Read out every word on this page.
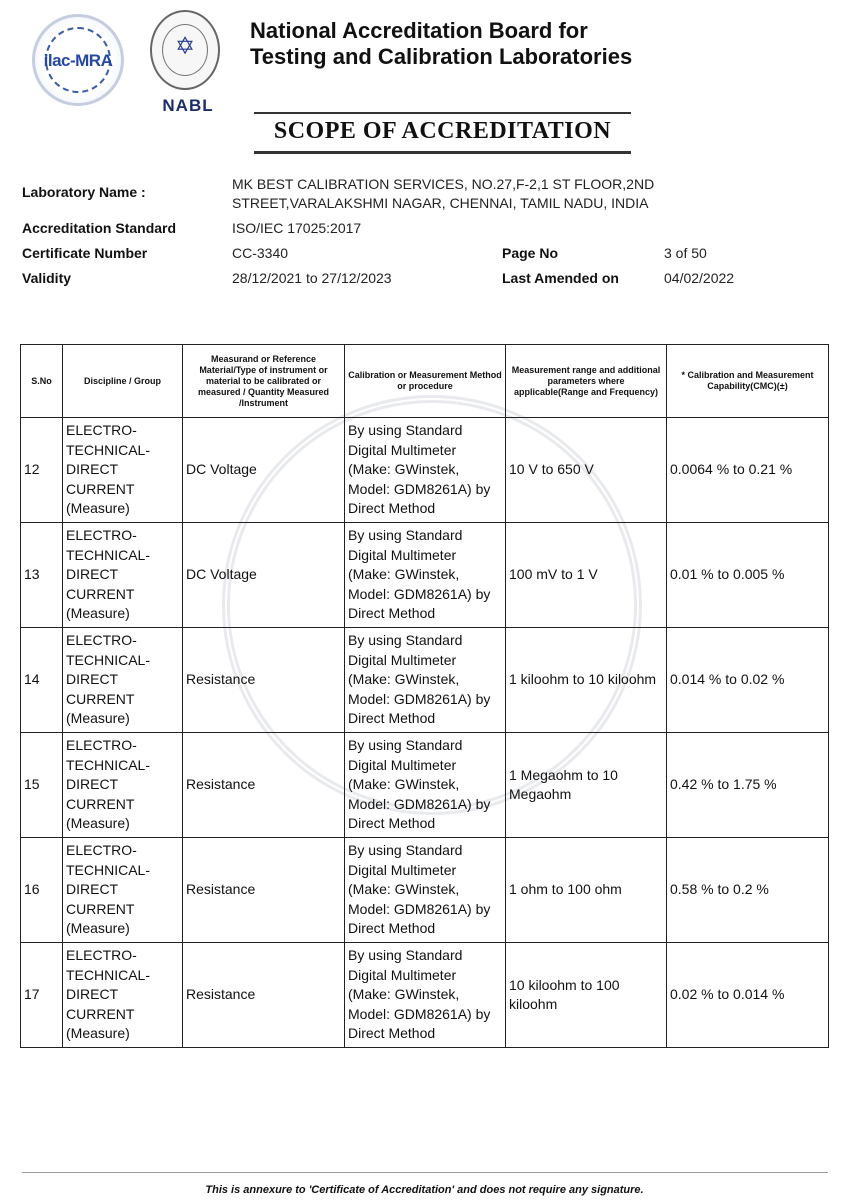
ilac-MRA
✡
NABL
National Accreditation Board for
Testing and Calibration Laboratories
SCOPE OF ACCREDITATION
Laboratory Name :	MK BEST CALIBRATION SERVICES, NO.27,F-2,1 ST FLOOR,2ND
STREET,VARALAKSHMI NAGAR, CHENNAI, TAMIL NADU, INDIA
Accreditation Standard	ISO/IEC 17025:2017
Certificate Number	CC-3340	Page No	3 of 50
Validity	28/12/2021 to 27/12/2023	Last Amended on	04/02/2022
S.No	Discipline / Group	Measurand or Reference Material/Type of instrument or material to be calibrated or measured / Quantity Measured /Instrument	Calibration or Measurement Method or procedure	Measurement range and additional parameters where applicable(Range and Frequency)	* Calibration and Measurement Capability(CMC)(±)
12	ELECTRO-TECHNICAL-DIRECT CURRENT (Measure)	DC Voltage	By using Standard Digital Multimeter (Make: GWinstek, Model: GDM8261A) by Direct Method	10 V to 650 V	0.0064 % to 0.21 %
13	ELECTRO-TECHNICAL-DIRECT CURRENT (Measure)	DC Voltage	By using Standard Digital Multimeter (Make: GWinstek, Model: GDM8261A) by Direct Method	100 mV to 1 V	0.01 % to 0.005 %
14	ELECTRO-TECHNICAL-DIRECT CURRENT (Measure)	Resistance	By using Standard Digital Multimeter (Make: GWinstek, Model: GDM8261A) by Direct Method	1 kiloohm to 10 kiloohm	0.014 % to 0.02 %
15	ELECTRO-TECHNICAL-DIRECT CURRENT (Measure)	Resistance	By using Standard Digital Multimeter (Make: GWinstek, Model: GDM8261A) by Direct Method	1 Megaohm to 10 Megaohm	0.42 % to 1.75 %
16	ELECTRO-TECHNICAL-DIRECT CURRENT (Measure)	Resistance	By using Standard Digital Multimeter (Make: GWinstek, Model: GDM8261A) by Direct Method	1 ohm to 100 ohm	0.58 % to 0.2 %
17	ELECTRO-TECHNICAL-DIRECT CURRENT (Measure)	Resistance	By using Standard Digital Multimeter (Make: GWinstek, Model: GDM8261A) by Direct Method	10 kiloohm to 100 kiloohm	0.02 % to 0.014 %
This is annexure to 'Certificate of Accreditation' and does not require any signature.
